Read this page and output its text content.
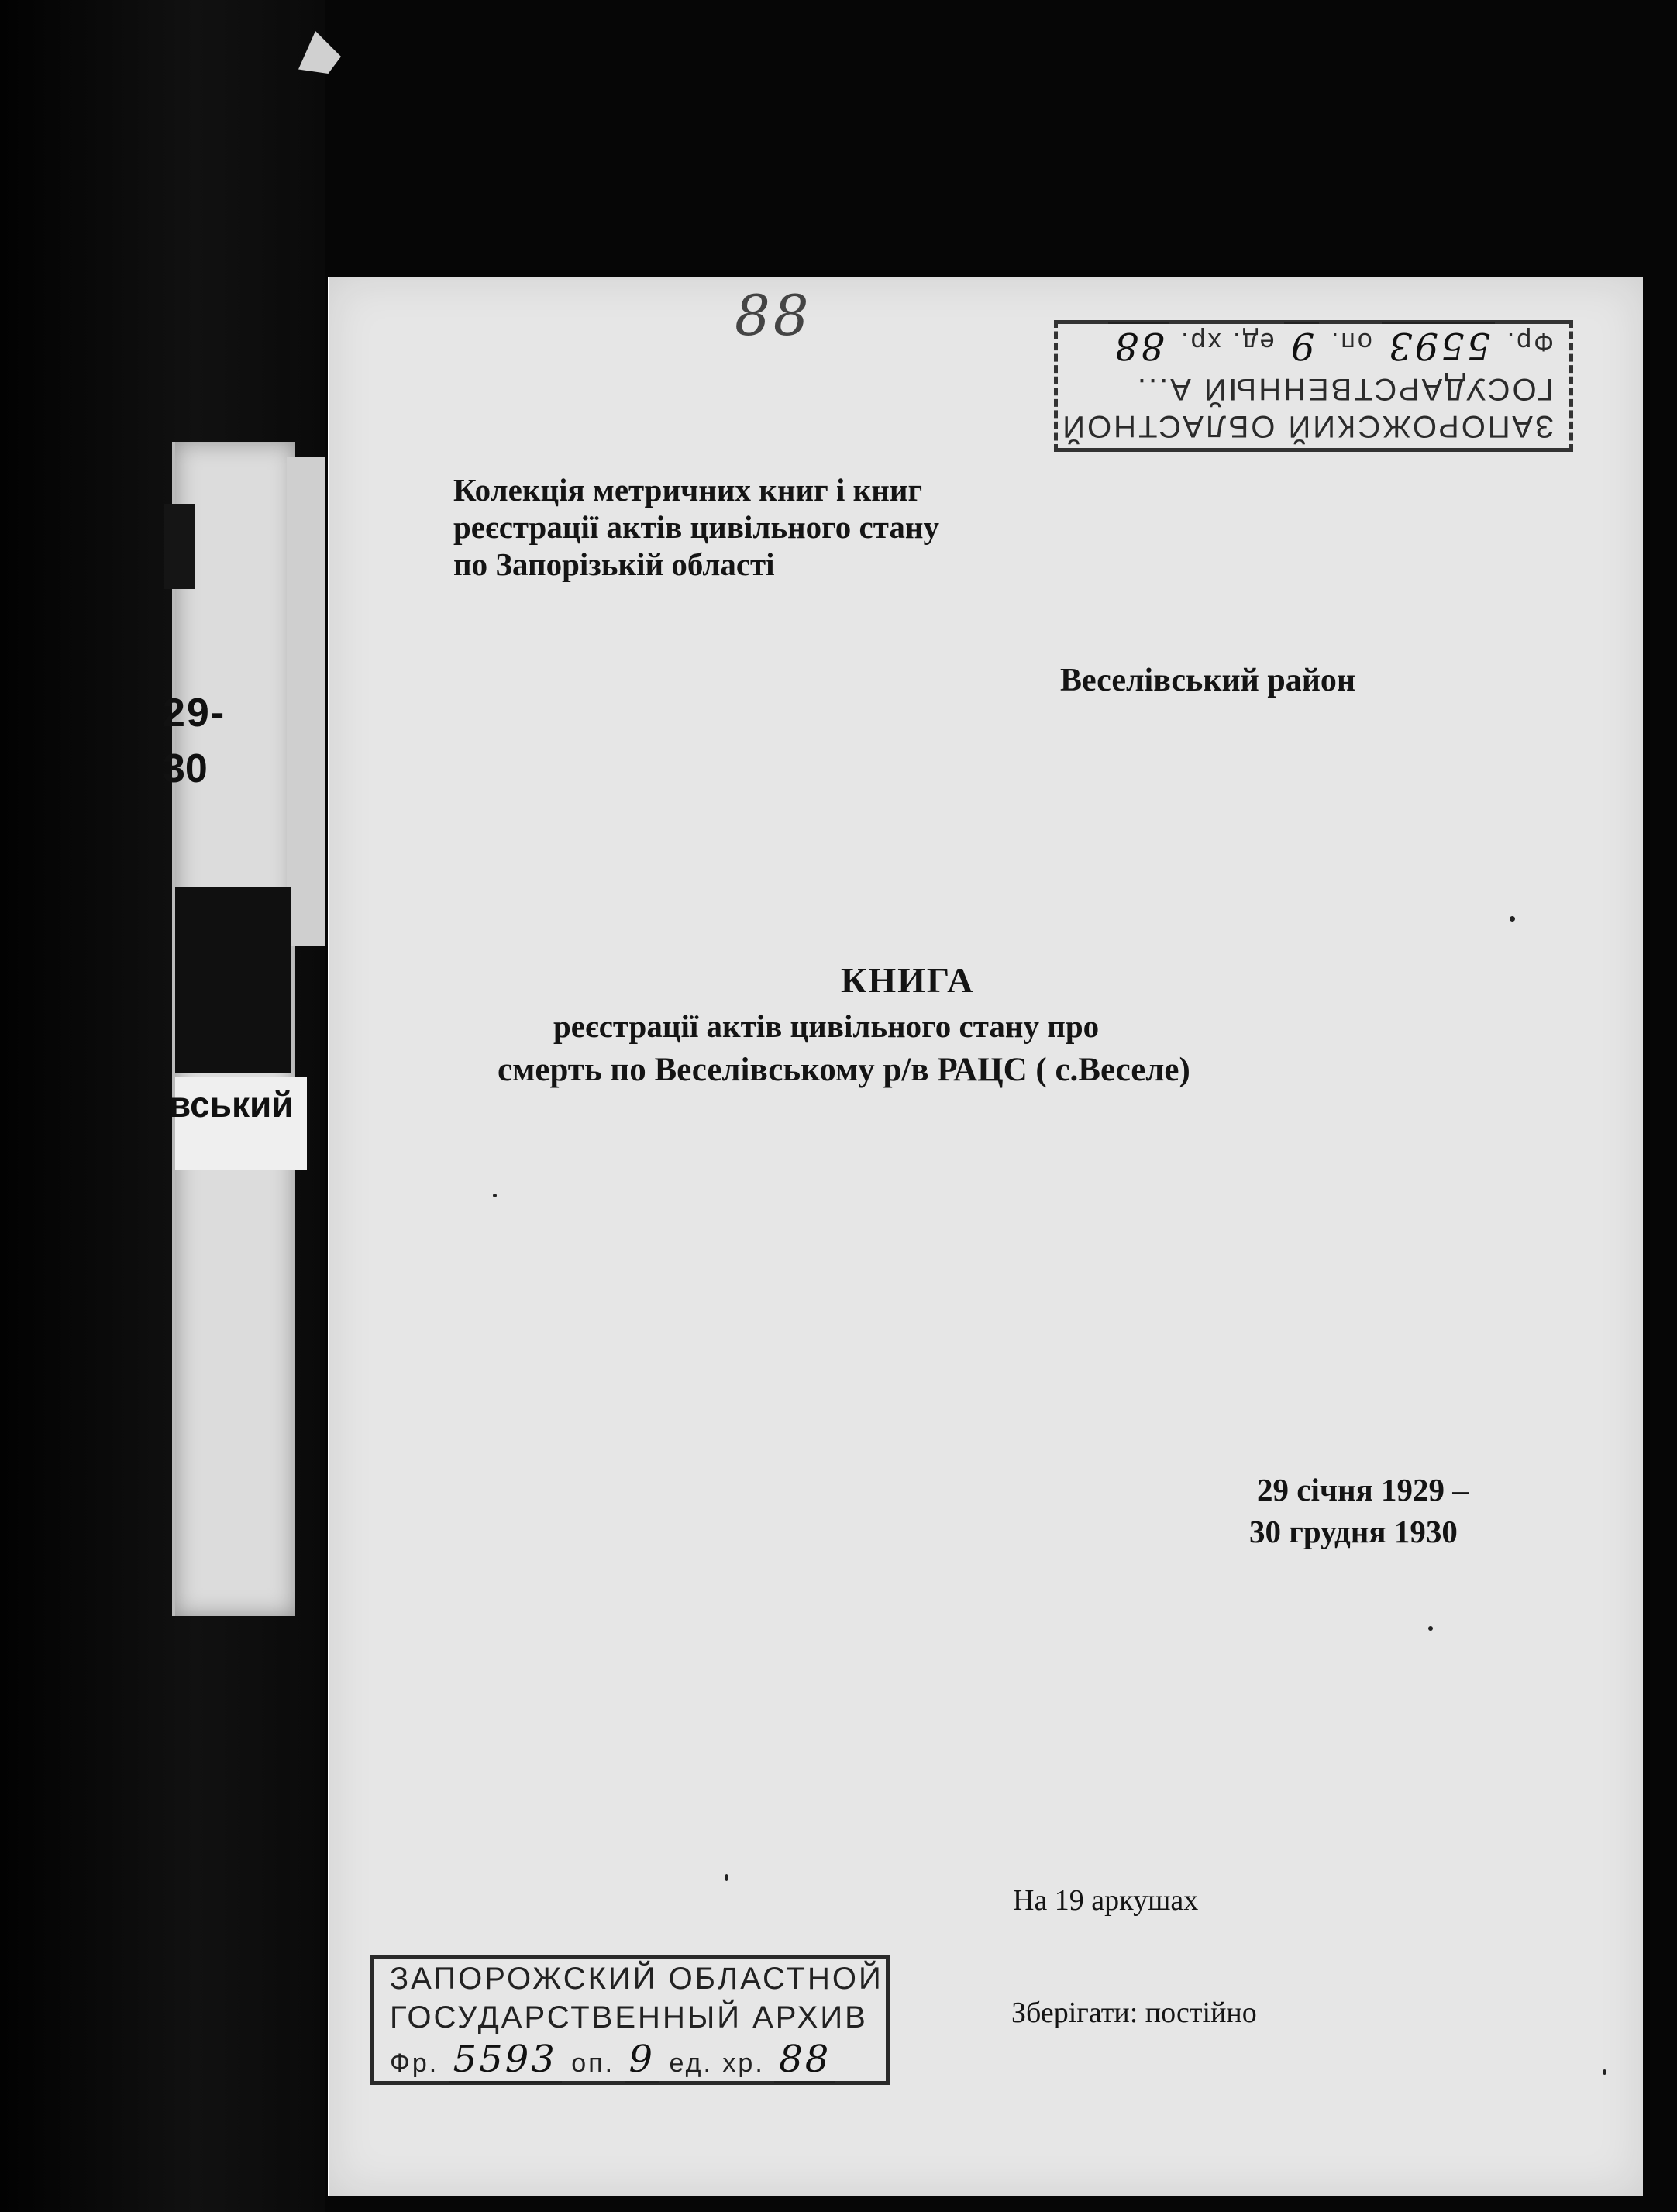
29-
30
вський
88
ЗАПОРОЖСКИЙ ОБЛАСТНОЙ
ГОСУДАРСТВЕННЫЙ А...
Фр. 5593 оп. 9 ед. хр. 88
Колекція метричних книг і книг
реєстрації актів цивільного стану
по Запорізькій області
Веселівський район
КНИГА
реєстрації актів цивільного стану про
смерть по Веселівському р/в РАЦС ( с.Веселе)
29 січня 1929 –
30 грудня 1930
На 19 аркушах
Зберігати: постійно
ЗАПОРОЖСКИЙ ОБЛАСТНОЙ
ГОСУДАРСТВЕННЫЙ АРХИВ
Фр. 5593 оп. 9 ед. хр. 88
